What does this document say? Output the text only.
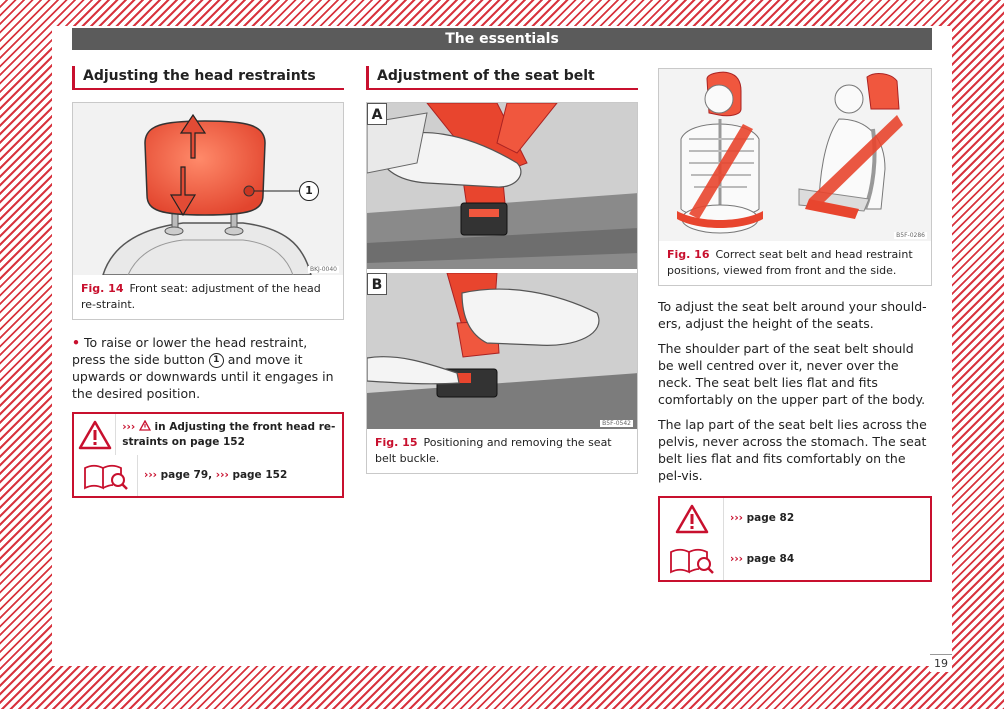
The essentials
Adjusting the head restraints
1
BKJ-0040
Fig. 14 Front seat: adjustment of the head re-straint.

• To raise or lower the head restraint, press the side button 1 and move it upwards or downwards until it engages in the desired position.

››› in Adjusting the front head re-straints on page 152
››› page 79, ››› page 152
Adjustment of the seat belt
A
B
B5F-0542
Fig. 15 Positioning and removing the seat belt buckle.
B5F-0286
Fig. 16 Correct seat belt and head restraint positions, viewed from front and the side.

To adjust the seat belt around your should-ers, adjust the height of the seats.

The shoulder part of the seat belt should be well centred over it, never over the neck. The seat belt lies flat and fits comfortably on the upper part of the body.

The lap part of the seat belt lies across the pelvis, never across the stomach. The seat belt lies flat and fits comfortably on the pel-vis.

››› page 82
››› page 84
19
